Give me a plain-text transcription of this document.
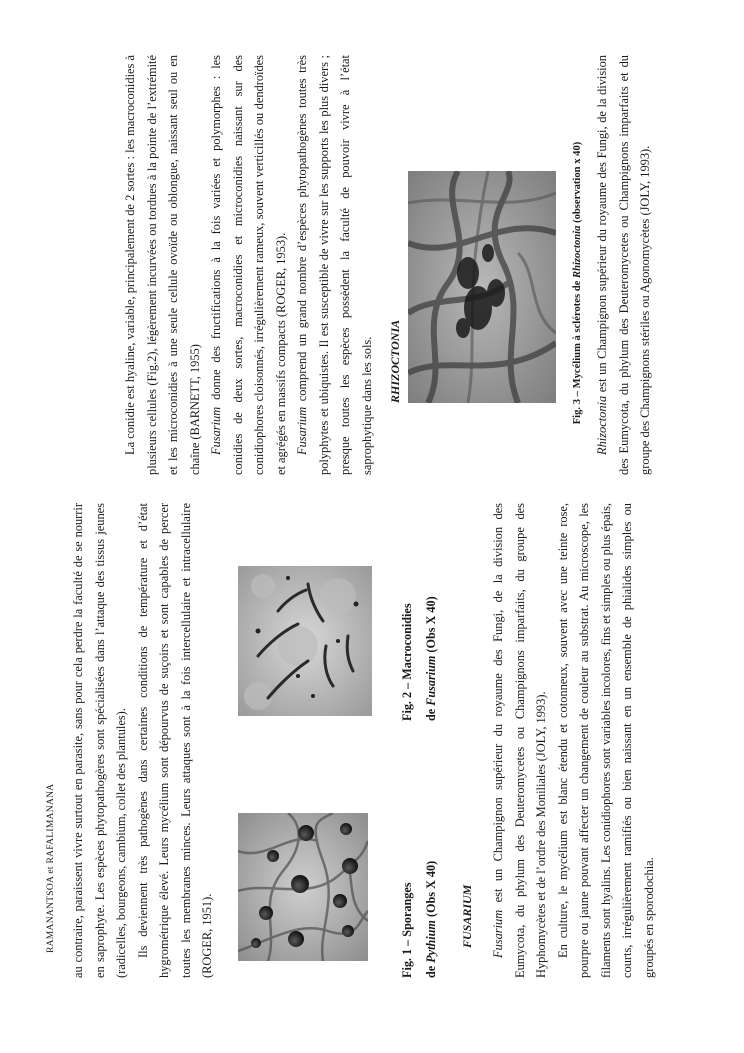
RAMANANTSOA et RAFALIMANANA au contraire, paraissent vivre surtout en parasite, sans pour cela perdre la faculté de se nourrir en saprophyte. Les espèces phytopathogères sont spécialisées dans l’attaque des tissus jeunes (radicelles, bourgeons, cambium, collet des plantules). Ils deviennent très pathogènes dans certaines conditions de température et d’état hygrométrique élevé. Leurs mycélium sont dépourvus de suçoirs et sont capables de percer toutes les membranes minces. Leurs attaques sont à la fois intercellulaire et intracellulaire (ROGER, 1951).	Fig. 1 – Sporanges de Pythium (Obs X 40)
Fig. 2 – Macroconidies de Fusarium (Obs X 40)
FUSARIUM Fusarium est un Champignon supérieur du royaume des Fungi, de la division des Eumycota, du phylum des Deuteromycetes ou Champignons imparfaits, du groupe des Hyphomycètes et de l’ordre des Moniliales (JOLY, 1993). En culture, le mycélium est blanc étendu et cotonneux, souvent avec une teinte rose, pourpre ou jaune pouvant affecter un changement de couleur au substrat. Au microscope, les filaments sont hyalins. Les conidiophores sont variables incolores, fins et simples ou plus épais, courts, irrégulièrement ramifiés ou bien naissant en un ensemble de phialides simples ou groupés en sporodochia.

La conidie est hyaline, variable, principalement de 2 sortes : les macroconidies à plusieurs cellules (Fig.2), légèrement incurvées ou tordues à la pointe de l’extrémité et les microconidies à une seule cellule ovoïde ou oblongue, naissant seul ou en chaîne (BARNETT, 1955) Fusarium donne des fructifications à la fois variées et polymorphes : les conidies de deux sortes, macroconidies et microconidies naissant sur des conidiophores cloisonnés, irrégulièrement rameux, souvent verticillés ou dendroïdes et agrégés en massifs compacts (ROGER, 1953). Fusarium comprend un grand nombre d’espèces phytopathogènes toutes très polyphytes et ubiquistes. Il est susceptible de vivre sur les supports les plus divers ; presque toutes les espèces possèdent la faculté de pouvoir vivre à l’état saprophytique dans les sols.	RHIZOCTONIA	Fig. 3 – Mycélium à sclérotes de Rhizoctonia (observation x 40)

Rhizoctonia est un Champignon supérieur du royaume des Fungi, de la division des Eumycota, du phylum des Deuteromycetes ou Champignons imparfaits et du groupe des Champignons stériles ou Agonomycètes (JOLY, 1993).
